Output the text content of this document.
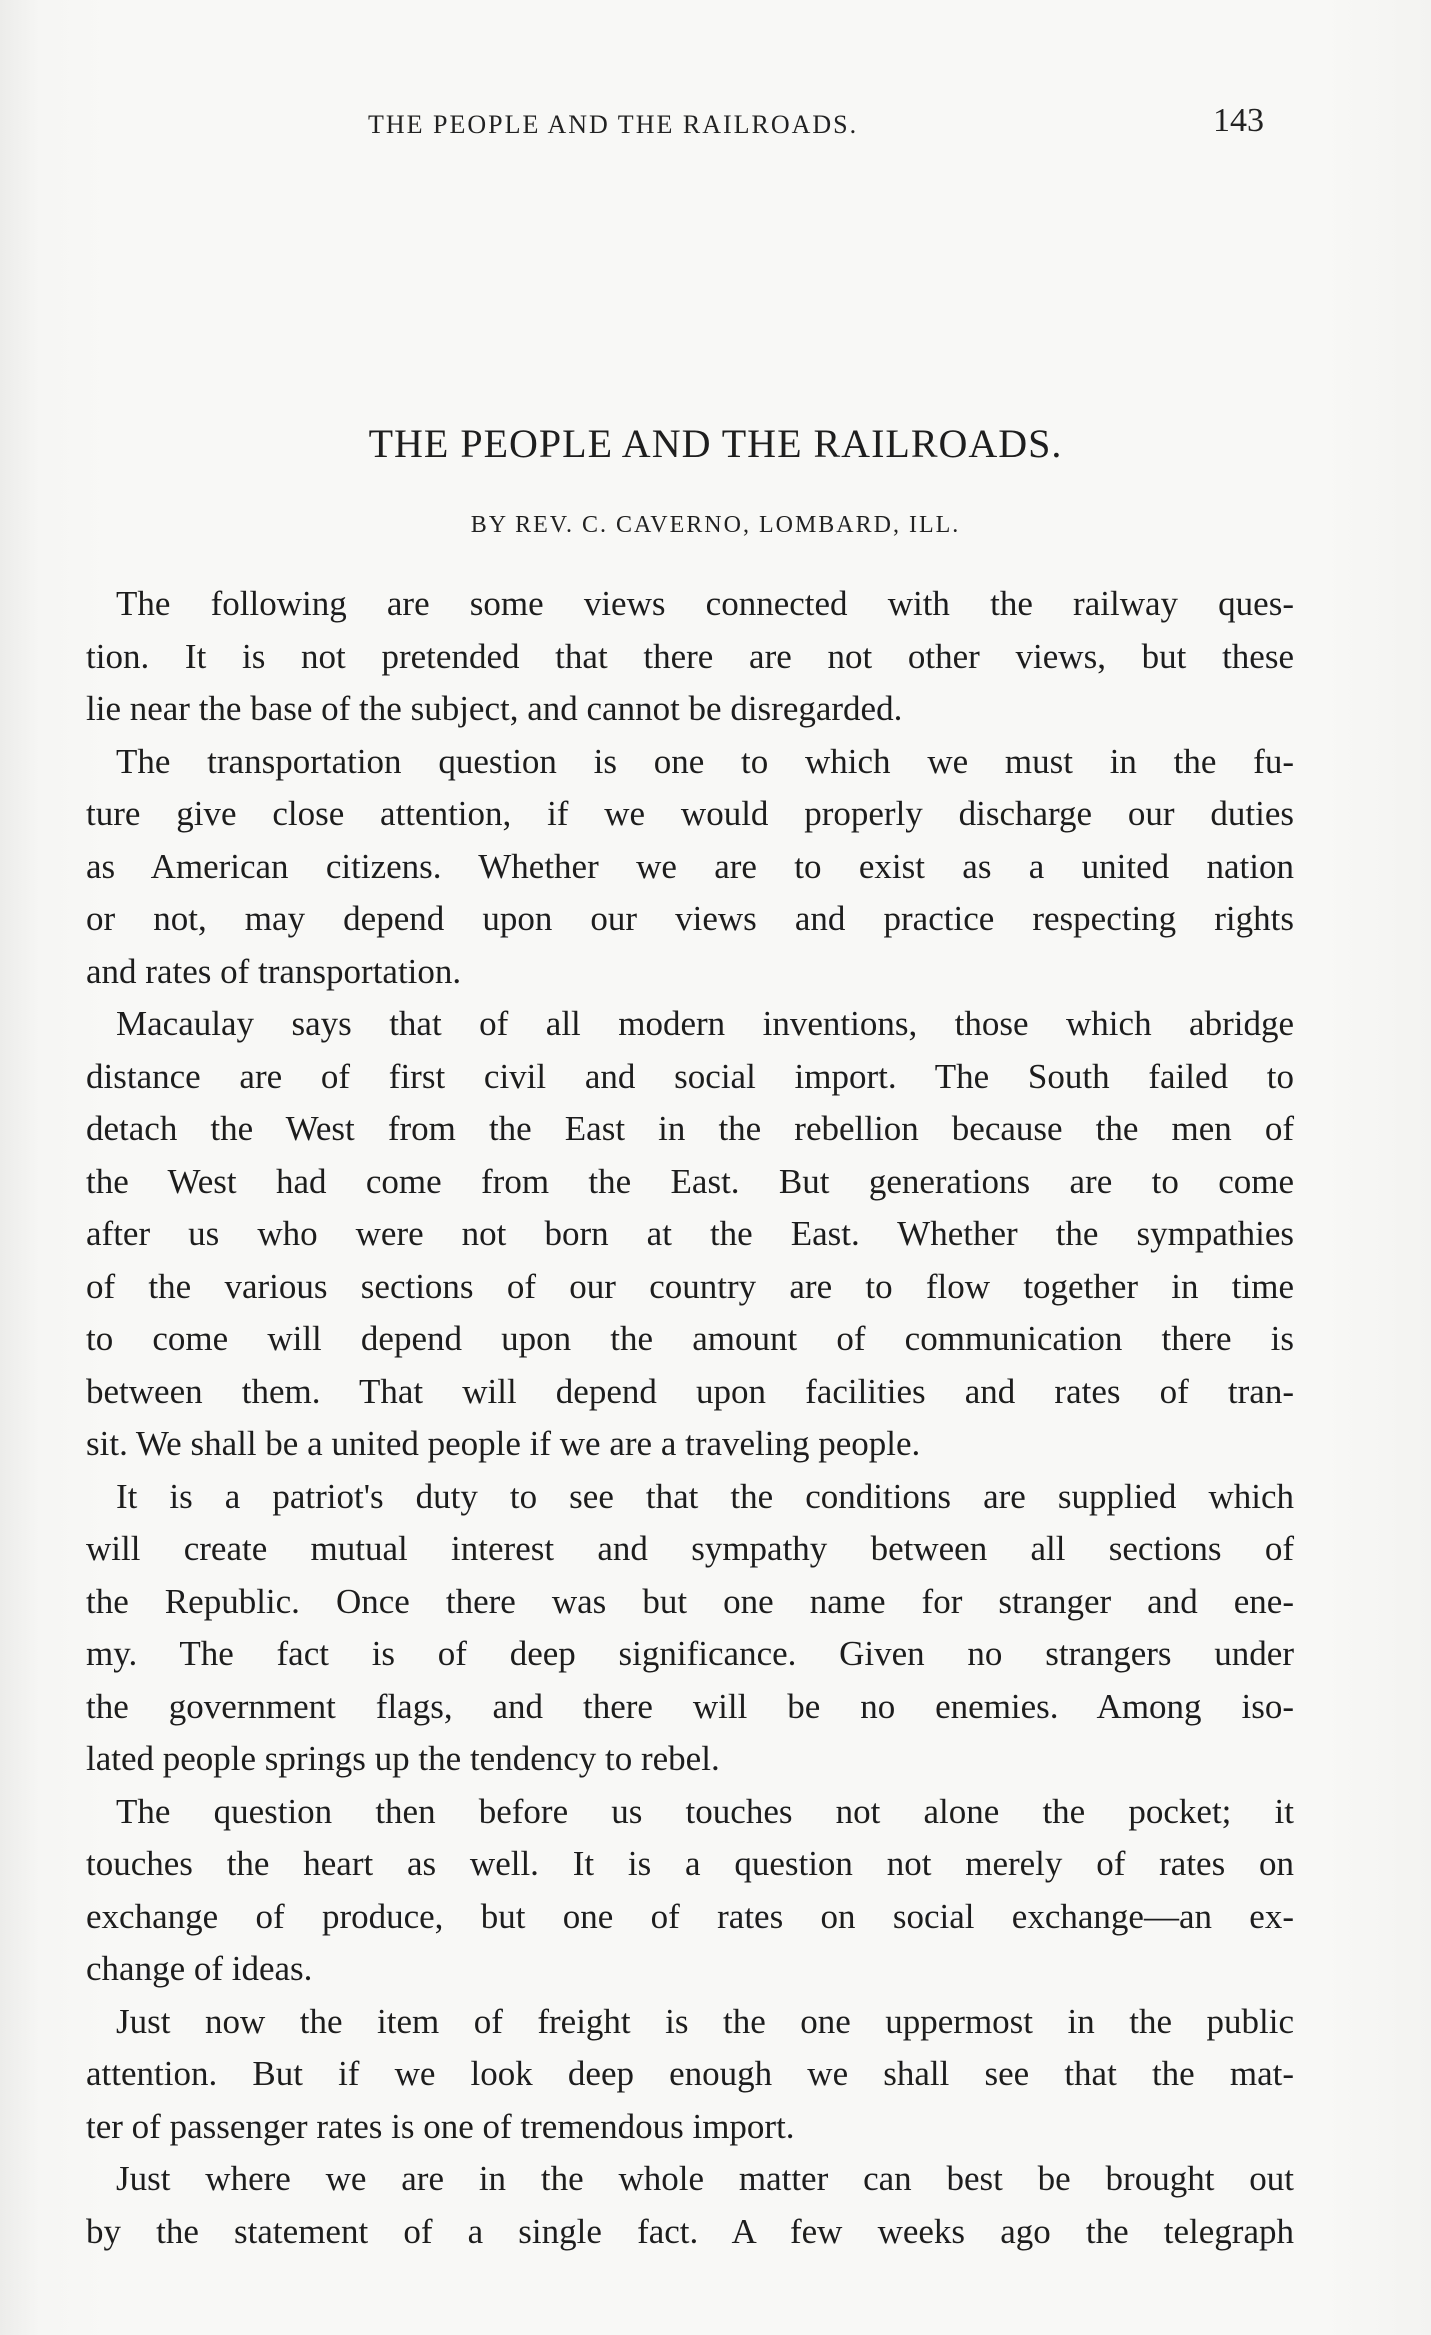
THE PEOPLE AND THE RAILROADS.	143
THE PEOPLE AND THE RAILROADS.
BY REV. C. CAVERNO, LOMBARD, ILL.
The following are some views connected with the railway ques-
tion. It is not pretended that there are not other views, but these
lie near the base of the subject, and cannot be disregarded.
The transportation question is one to which we must in the fu-
ture give close attention, if we would properly discharge our duties
as American citizens. Whether we are to exist as a united nation
or not, may depend upon our views and practice respecting rights
and rates of transportation.
Macaulay says that of all modern inventions, those which abridge
distance are of first civil and social import. The South failed to
detach the West from the East in the rebellion because the men of
the West had come from the East. But generations are to come
after us who were not born at the East. Whether the sympathies
of the various sections of our country are to flow together in time
to come will depend upon the amount of communication there is
between them. That will depend upon facilities and rates of tran-
sit. We shall be a united people if we are a traveling people.
It is a patriot's duty to see that the conditions are supplied which
will create mutual interest and sympathy between all sections of
the Republic. Once there was but one name for stranger and ene-
my. The fact is of deep significance. Given no strangers under
the government flags, and there will be no enemies. Among iso-
lated people springs up the tendency to rebel.
The question then before us touches not alone the pocket; it
touches the heart as well. It is a question not merely of rates on
exchange of produce, but one of rates on social exchange—an ex-
change of ideas.
Just now the item of freight is the one uppermost in the public
attention. But if we look deep enough we shall see that the mat-
ter of passenger rates is one of tremendous import.
Just where we are in the whole matter can best be brought out
by the statement of a single fact. A few weeks ago the telegraph
